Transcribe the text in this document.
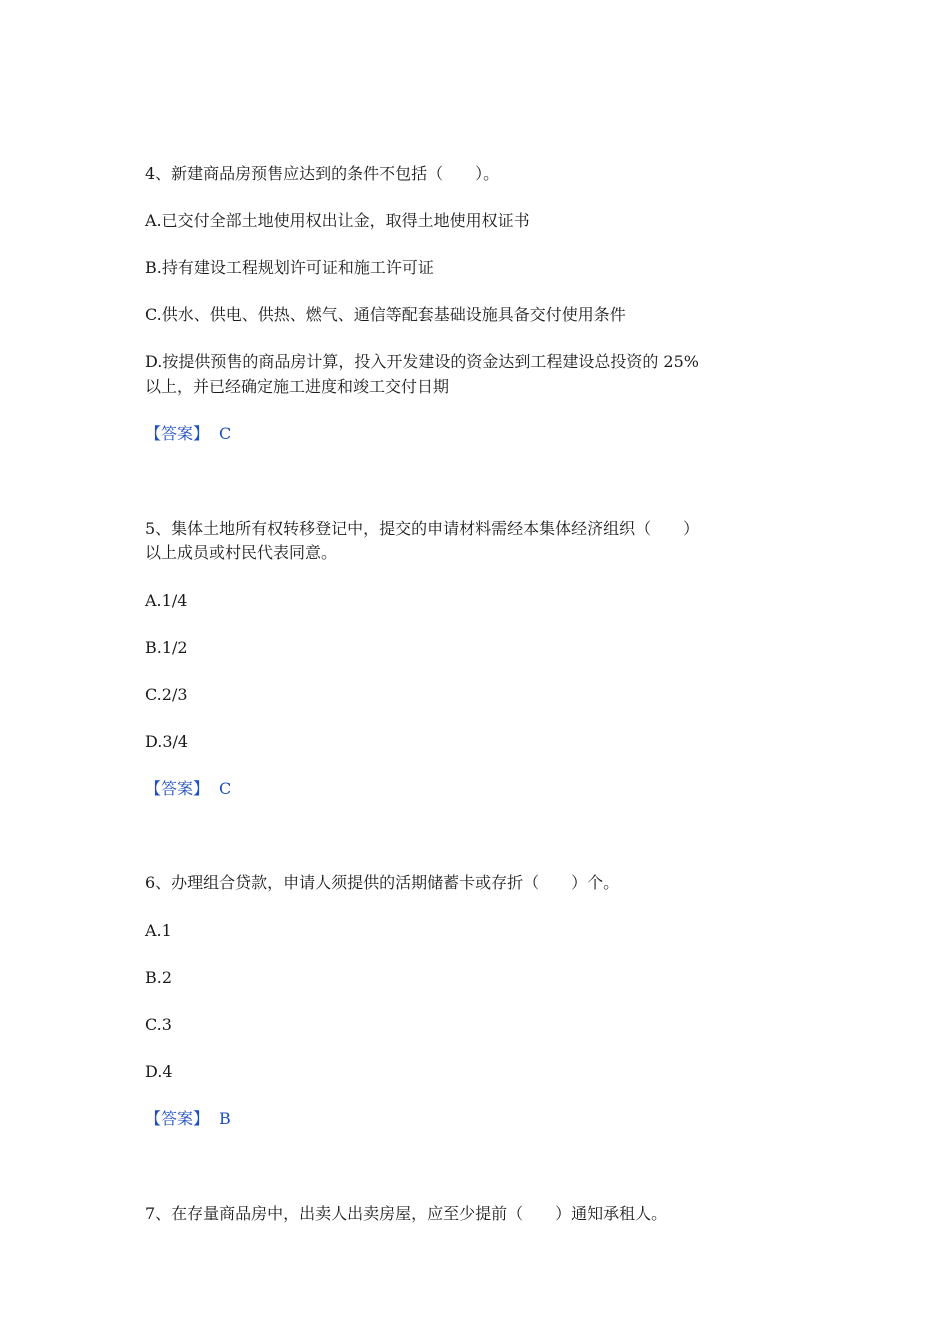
4、新建商品房预售应达到的条件不包括（　　）。
A.已交付全部土地使用权出让金，取得土地使用权证书
B.持有建设工程规划许可证和施工许可证
C.供水、供电、供热、燃气、通信等配套基础设施具备交付使用条件
D.按提供预售的商品房计算，投入开发建设的资金达到工程建设总投资的 25%
以上，并已经确定施工进度和竣工交付日期
【答案】 C
5、集体土地所有权转移登记中，提交的申请材料需经本集体经济组织（　　）
以上成员或村民代表同意。
A.1/4
B.1/2
C.2/3
D.3/4
【答案】 C
6、办理组合贷款，申请人须提供的活期储蓄卡或存折（　　）个。
A.1
B.2
C.3
D.4
【答案】 B
7、在存量商品房中，出卖人出卖房屋，应至少提前（　　）通知承租人。
